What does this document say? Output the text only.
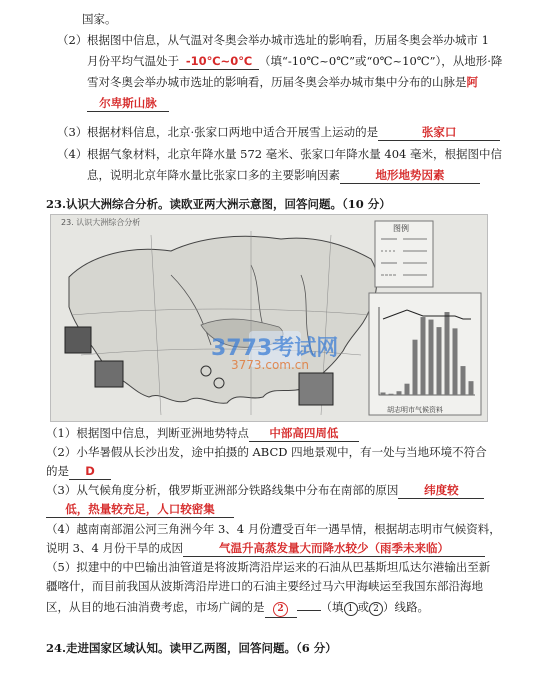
国家。
（2） 根据图中信息，从气温对冬奥会举办城市选址的影响看，历届冬奥会举办城市 1
月份平均气温处于 -10℃~0℃ （填“-10℃~0℃”或“0℃~10℃”），从地形·降
雪对冬奥会举办城市选址的影响看，历届冬奥会举办城市集中分布的山脉是阿
尔卑斯山脉
（3） 根据材料信息，北京·张家口两地中适合开展雪上运动的是	张家口
（4） 根据气象材料，北京年降水量 572 毫米、张家口年降水量 404 毫米，根据图中信
息，说明北京年降水量比张家口多的主要影响因素	地形地势因素
23.认识大洲综合分析。读欧亚两大洲示意图，回答问题。（10 分）
23. 认识大洲综合分析
图例
胡志明市气候资料
3773考试网
3773.com.cn
（1）根据图中信息，判断亚洲地势特点 中部高四周低
（2）小华暑假从长沙出发，途中拍摄的 ABCD 四地景观中，有一处与当地环境不符合
的是 D
（3）从气候角度分析，俄罗斯亚洲部分铁路线集中分布在南部的原因 纬度较
低，热量较充足，人口较密集
（4）越南南部湄公河三角洲今年 3、4 月份遭受百年一遇旱情，根据胡志明市气候资料，
说明 3、4 月份干旱的成因	气温升高蒸发量大而降水较少（雨季未来临）
（5）拟建中的中巴输出油管道是将波斯湾沿岸运来的石油从巴基斯坦瓜达尔港输出至新
疆喀什，而目前我国从波斯湾沿岸进口的石油主要经过马六甲海峡运至我国东部沿海地
区，从目的地石油消费考虑，市场广阔的是 2	（填 1 或 2 ）线路。
24.走进国家区域认知。读甲乙两图，回答问题。（6 分）
